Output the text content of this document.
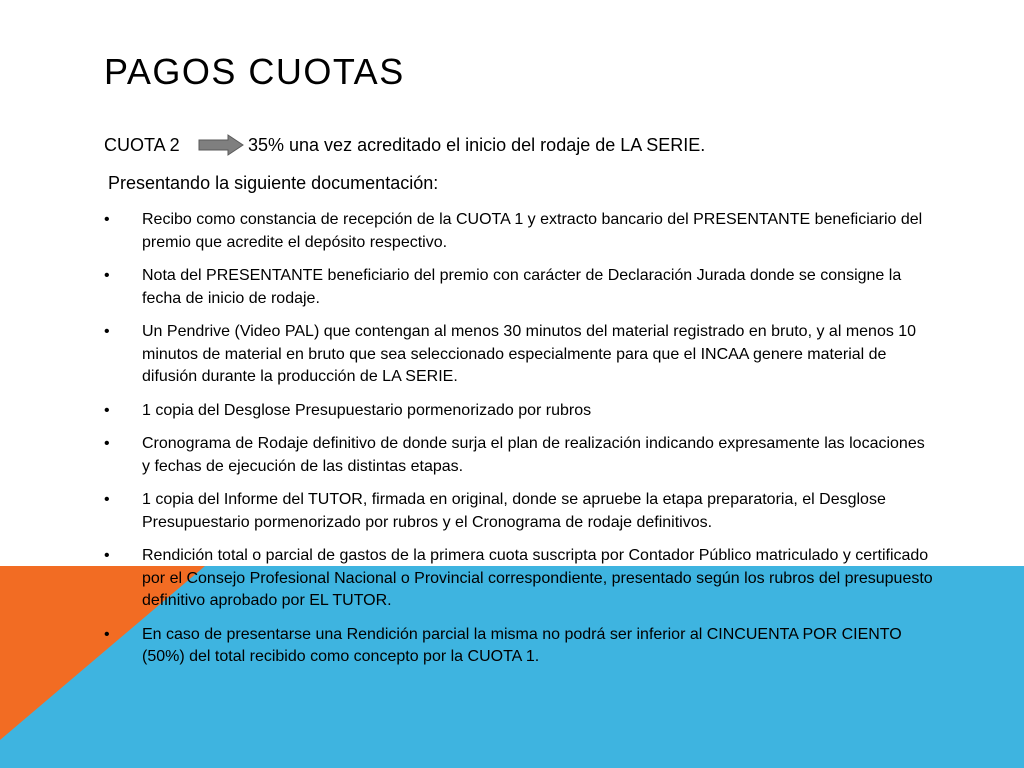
PAGOS CUOTAS
CUOTA 2	35% una vez acreditado el inicio del rodaje de LA SERIE.
Presentando la siguiente documentación:
•	Recibo como constancia de recepción de la CUOTA 1 y extracto bancario del PRESENTANTE beneficiario del premio que acredite el depósito respectivo.
•	Nota del PRESENTANTE beneficiario del premio con carácter de Declaración Jurada donde se consigne la fecha de inicio de rodaje.
•	Un Pendrive (Video PAL) que contengan al menos 30 minutos del material registrado en bruto, y al menos 10 minutos de material en bruto que sea seleccionado especialmente para que el INCAA genere material de difusión durante la producción de LA SERIE.
•	1 copia del Desglose Presupuestario pormenorizado por rubros
•	Cronograma de Rodaje definitivo de donde surja el plan de realización indicando expresamente las locaciones y fechas de ejecución de las distintas etapas.
•	1 copia del Informe del TUTOR, firmada en original, donde se apruebe la etapa preparatoria, el Desglose Presupuestario pormenorizado por rubros y el Cronograma de rodaje definitivos.
•	Rendición total o parcial de gastos de la primera cuota suscripta por Contador Público matriculado y certificado por el Consejo Profesional Nacional o Provincial correspondiente, presentado según los rubros del presupuesto definitivo aprobado por EL TUTOR.
•	En caso de presentarse una Rendición parcial la misma no podrá ser inferior al CINCUENTA POR CIENTO (50%) del total recibido como concepto por la CUOTA 1.
